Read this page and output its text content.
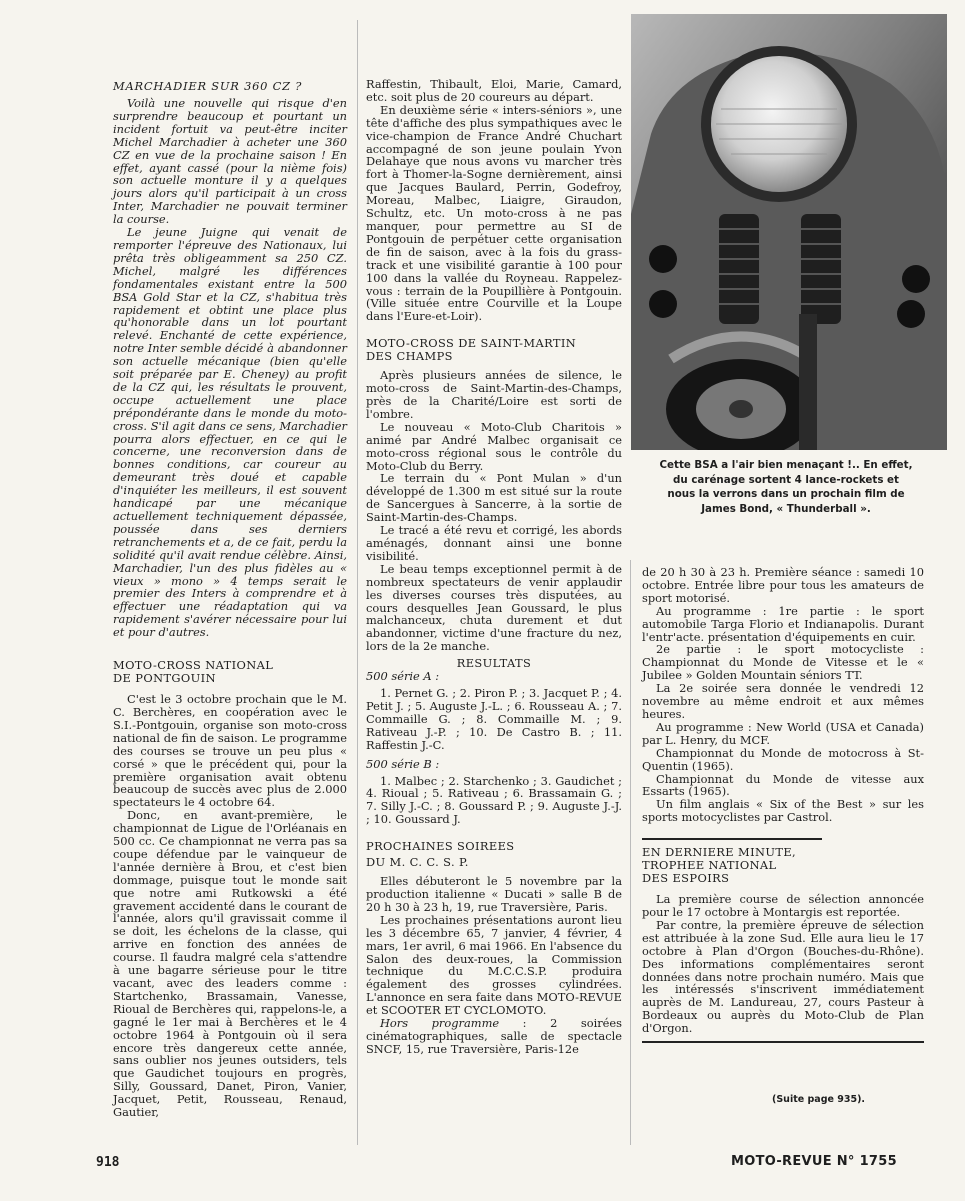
Cette BSA a l'air bien menaçant !.. En effet, du carénage sortent 4 lance-rockets et nous la verrons dans un prochain film de James Bond, « Thunderball ».
MARCHADIER SUR 360 CZ ?

Voilà une nouvelle qui risque d'en surprendre beaucoup et pourtant un incident fortuit va peut-être inciter Michel Marchadier à acheter une 360 CZ en vue de la prochaine saison ! En effet, ayant cassé (pour la nième fois) son actuelle monture il y a quelques jours alors qu'il participait à un cross Inter, Marchadier ne pouvait terminer la course.

Le jeune Juigne qui venait de remporter l'épreuve des Nationaux, lui prêta très obligeamment sa 250 CZ. Michel, malgré les différences fondamentales existant entre la 500 BSA Gold Star et la CZ, s'habitua très rapidement et obtint une place plus qu'honorable dans un lot pourtant relevé. Enchanté de cette expérience, notre Inter semble décidé à abandonner son actuelle mécanique (bien qu'elle soit préparée par E. Cheney) au profit de la CZ qui, les résultats le prouvent, occupe actuellement une place prépondérante dans le monde du moto-cross. S'il agit dans ce sens, Marchadier pourra alors effectuer, en ce qui le concerne, une reconversion dans de bonnes conditions, car coureur au demeurant très doué et capable d'inquiéter les meilleurs, il est souvent handicapé par une mécanique actuellement techniquement dépassée, poussée dans ses derniers retranchements et a, de ce fait, perdu la solidité qu'il avait rendue célèbre. Ainsi, Marchadier, l'un des plus fidèles au « vieux » mono » 4 temps serait le premier des Inters à comprendre et à effectuer une réadaptation qui va rapidement s'avérer nécessaire pour lui et pour d'autres.

MOTO-CROSS NATIONAL
DE PONTGOUIN

C'est le 3 octobre prochain que le M. C. Berchères, en coopération avec le S.I.-Pontgouin, organise son moto-cross national de fin de saison. Le programme des courses se trouve un peu plus « corsé » que le précédent qui, pour la première organisation avait obtenu beaucoup de succès avec plus de 2.000 spectateurs le 4 octobre 64.

Donc, en avant-première, le championnat de Ligue de l'Orléanais en 500 cc. Ce championnat ne verra pas sa coupe défendue par le vainqueur de l'année dernière à Brou, et c'est bien dommage, puisque tout le monde sait que notre ami Rutkowski a été gravement accidenté dans le courant de l'année, alors qu'il gravissait comme il se doit, les échelons de la classe, qui arrive en fonction des années de course. Il faudra malgré cela s'attendre à une bagarre sérieuse pour le titre vacant, avec des leaders comme : Startchenko, Brassamain, Vanesse, Rioual de Berchères qui, rappelons-le, a gagné le 1er mai à Berchères et le 4 octobre 1964 à Pontgouin où il sera encore très dangereux cette année, sans oublier nos jeunes outsiders, tels que Gaudichet toujours en progrès, Silly, Goussard, Danet, Piron, Vanier, Jacquet, Petit, Rousseau, Renaud, Gautier,

Raffestin, Thibault, Eloi, Marie, Camard, etc. soit plus de 20 coureurs au départ.

En deuxième série « inters-séniors », une tête d'affiche des plus sympathiques avec le vice-champion de France André Chuchart accompagné de son jeune poulain Yvon Delahaye que nous avons vu marcher très fort à Thomer-la-Sogne dernièrement, ainsi que Jacques Baulard, Perrin, Godefroy, Moreau, Malbec, Liaigre, Giraudon, Schultz, etc. Un moto-cross à ne pas manquer, pour permettre au SI de Pontgouin de perpétuer cette organisation de fin de saison, avec à la fois du grass-track et une visibilité garantie à 100 pour 100 dans la vallée du Royneau. Rappelez-vous : terrain de la Poupillière à Pontgouin. (Ville située entre Courville et la Loupe dans l'Eure-et-Loir).

MOTO-CROSS DE SAINT-MARTIN
DES CHAMPS

Après plusieurs années de silence, le moto-cross de Saint-Martin-des-Champs, près de la Charité/Loire est sorti de l'ombre.

Le nouveau « Moto-Club Charitois » animé par André Malbec organisait ce moto-cross régional sous le contrôle du Moto-Club du Berry.

Le terrain du « Pont Mulan » d'un développé de 1.300 m est situé sur la route de Sancergues à Sancerre, à la sortie de Saint-Martin-des-Champs.

Le tracé a été revu et corrigé, les abords aménagés, donnant ainsi une bonne visibilité.

Le beau temps exceptionnel permit à de nombreux spectateurs de venir applaudir les diverses courses très disputées, au cours desquelles Jean Goussard, le plus malchanceux, chuta durement et dut abandonner, victime d'une fracture du nez, lors de la 2e manche.

RESULTATS

500 série A :

1. Pernet G. ; 2. Piron P. ; 3. Jacquet P. ; 4. Petit J. ; 5. Auguste J.-L. ; 6. Rousseau A. ; 7. Commaille G. ; 8. Commaille M. ; 9. Rativeau J.-P. ; 10. De Castro B. ; 11. Raffestin J.-C.

500 série B :

1. Malbec ; 2. Starchenko ; 3. Gaudichet ; 4. Rioual ; 5. Rativeau ; 6. Brassamain G. ; 7. Silly J.-C. ; 8. Goussard P. ; 9. Auguste J.-J. ; 10. Goussard J.

PROCHAINES SOIREES
DU M. C. C. S. P.

Elles débuteront le 5 novembre par la production italienne « Ducati » salle B de 20 h 30 à 23 h, 19, rue Traversière, Paris.

Les prochaines présentations auront lieu les 3 décembre 65, 7 janvier, 4 février, 4 mars, 1er avril, 6 mai 1966. En l'absence du Salon des deux-roues, la Commission technique du M.C.C.S.P. produira également des grosses cylindrées. L'annonce en sera faite dans MOTO-REVUE et SCOOTER ET CYCLOMOTO.

Hors programme : 2 soirées cinématographiques, salle de spectacle SNCF, 15, rue Traversière, Paris-12e

de 20 h 30 à 23 h. Première séance : samedi 10 octobre. Entrée libre pour tous les amateurs de sport motorisé.

Au programme : 1re partie : le sport automobile Targa Florio et Indianapolis. Durant l'entr'acte. présentation d'équipements en cuir.

2e partie : le sport motocycliste : Championnat du Monde de Vitesse et le « Jubilee » Golden Mountain séniors TT.

La 2e soirée sera donnée le vendredi 12 novembre au même endroit et aux mêmes heures.

Au programme : New World (USA et Canada) par L. Henry, du MCF.

Championnat du Monde de motocross à St-Quentin (1965).

Championnat du Monde de vitesse aux Essarts (1965).

Un film anglais « Six of the Best » sur les sports motocyclistes par Castrol.

EN DERNIERE MINUTE,
TROPHEE NATIONAL
DES ESPOIRS

La première course de sélection annoncée pour le 17 octobre à Montargis est reportée.

Par contre, la première épreuve de sélection est attribuée à la zone Sud. Elle aura lieu le 17 octobre à Plan d'Orgon (Bouches-du-Rhône). Des informations complémentaires seront données dans notre prochain numéro. Mais que les intéressés s'inscrivent immédiatement auprès de M. Landureau, 27, cours Pasteur à Bordeaux ou auprès du Moto-Club de Plan d'Orgon.

(Suite page 935).
918	MOTO-REVUE N° 1755
